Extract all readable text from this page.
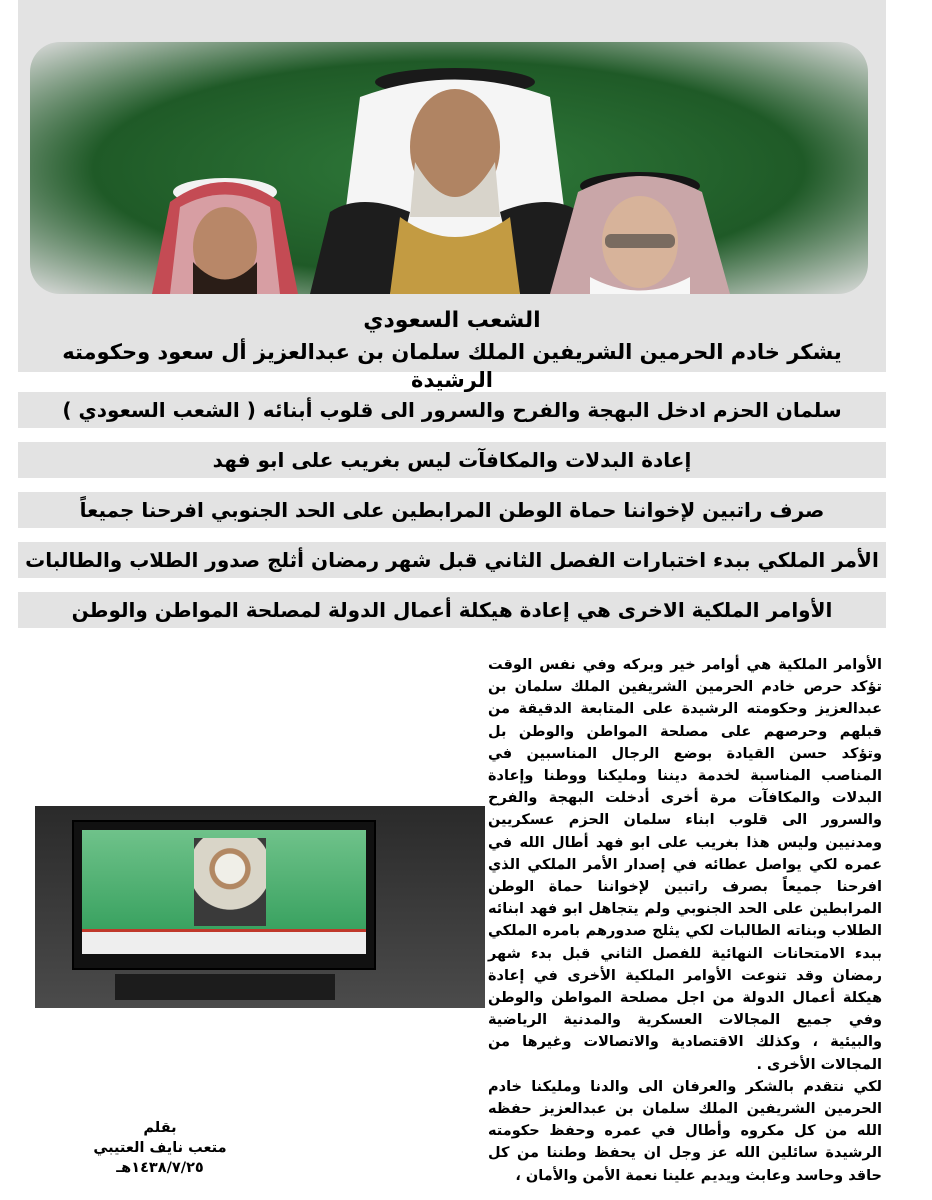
الشعب السعودي
يشكر خادم الحرمين الشريفين الملك سلمان بن عبدالعزيز أل سعود وحكومته الرشيدة
سلمان الحزم ادخل البهجة والفرح والسرور الى قلوب أبنائه ( الشعب السعودي )
إعادة البدلات والمكافآت ليس بغريب على ابو فهد
صرف راتبين لإخواننا حماة الوطن المرابطين على الحد الجنوبي افرحنا جميعاً
الأمر الملكي ببدء اختبارات الفصل الثاني قبل شهر رمضان أثلج صدور الطلاب والطالبات
الأوامر الملكية الاخرى هي إعادة هيكلة أعمال الدولة لمصلحة المواطن والوطن

الأوامر الملكية هي أوامر خير وبركه وفي نفس الوقت تؤكد حرص خادم الحرمين الشريفين الملك سلمان بن عبدالعزيز وحكومته الرشيدة على المتابعة الدقيقة من قبلهم وحرصهم على مصلحة المواطن والوطن بل وتؤكد حسن القيادة بوضع الرجال المناسبين في المناصب المناسبة لخدمة ديننا ومليكنا ووطنا وإعادة البدلات والمكافآت مرة أخرى أدخلت البهجة والفرح والسرور الى قلوب ابناء سلمان الحزم عسكريين ومدنيين وليس هذا بغريب على ابو فهد أطال الله في عمره لكي يواصل عطائه في إصدار الأمر الملكي الذي افرحنا جميعاً بصرف راتبين لإخواننا حماة الوطن المرابطين على الحد الجنوبي ولم يتجاهل ابو فهد ابنائه الطلاب وبناته الطالبات لكي يثلج صدورهم بامره الملكي ببدء الامتحانات النهائية للفصل الثاني قبل بدء شهر رمضان وقد تنوعت الأوامر الملكية الأخرى في إعادة هيكلة أعمال الدولة من اجل مصلحة المواطن والوطن وفي جميع المجالات العسكرية والمدنية الرياضية والبيئية ، وكذلك الاقتصادية والاتصالات وغيرها من المجالات الأخرى .

لكي نتقدم بالشكر والعرفان الى والدنا ومليكنا خادم الحرمين الشريفين الملك سلمان بن عبدالعزيز حفظه الله من كل مكروه وأطال في عمره وحفظ حكومته الرشيدة سائلين الله عز وجل ان يحفظ وطننا من كل حاقد وحاسد وعابث ويديم علينا نعمة الأمن والأمان ،

بقلم
متعب نايف العتيبي
١٤٣٨/٧/٢٥هـ
